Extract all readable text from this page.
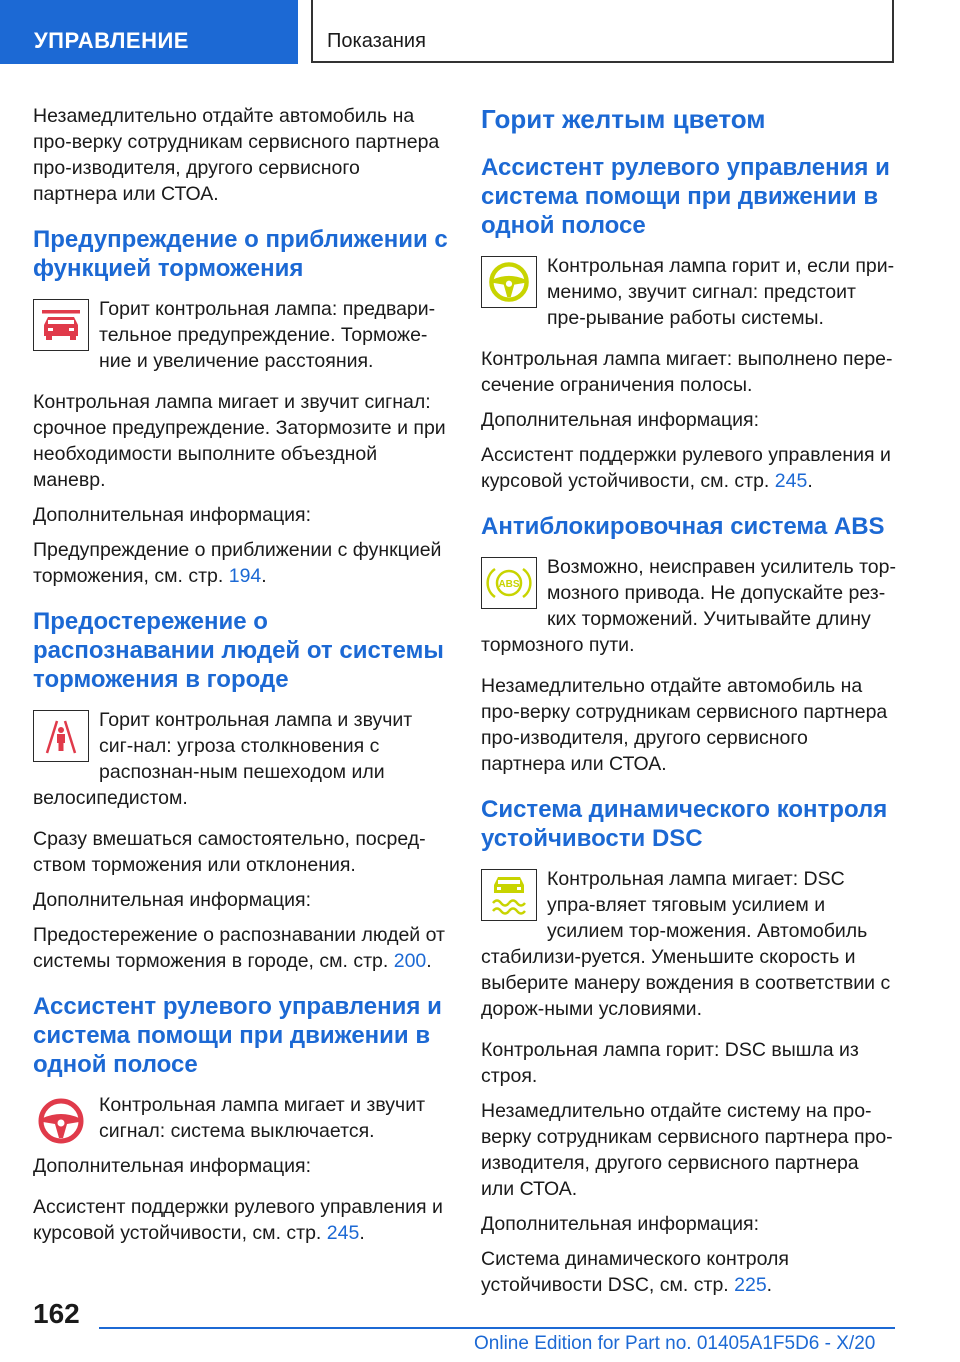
УПРАВЛЕНИЕ	Показания

Незамедлительно отдайте автомобиль на про-верку сотрудникам сервисного партнера про-изводителя, другого сервисного партнера или СТОА.

Предупреждение о приближении с функцией торможения

Горит контрольная лампа: предвари-тельное предупреждение. Торможе-ние и увеличение расстояния.

Контрольная лампа мигает и звучит сигнал: срочное предупреждение. Затормозите и при необходимости выполните объездной маневр.

Дополнительная информация:

Предупреждение о приближении с функцией торможения, см. стр. 194.

Предостережение о распознавании людей от системы торможения в городе

Горит контрольная лампа и звучит сиг-нал: угроза столкновения с распознан-ным пешеходом или велосипедистом.

Сразу вмешаться самостоятельно, посред-ством торможения или отклонения.

Дополнительная информация:

Предостережение о распознавании людей от системы торможения в городе, см. стр. 200.

Ассистент рулевого управления и система помощи при движении в одной полосе

Контрольная лампа мигает и звучит сигнал: система выключается.

Дополнительная информация:

Ассистент поддержки рулевого управления и курсовой устойчивости, см. стр. 245.

Горит желтым цветом
Ассистент рулевого управления и система помощи при движении в одной полосе

Контрольная лампа горит и, если при-менимо, звучит сигнал: предстоит пре-рывание работы системы.

Контрольная лампа мигает: выполнено пере-сечение ограничения полосы.

Дополнительная информация:

Ассистент поддержки рулевого управления и курсовой устойчивости, см. стр. 245.

Антиблокировочная система ABS
ABS

Возможно, неисправен усилитель тор-мозного привода. Не допускайте рез-ких торможений. Учитывайте длину тормозного пути.

Незамедлительно отдайте автомобиль на про-верку сотрудникам сервисного партнера про-изводителя, другого сервисного партнера или СТОА.

Система динамического контроля устойчивости DSC

Контрольная лампа мигает: DSC упра-вляет тяговым усилием и усилием тор-можения. Автомобиль стабилизи-руется. Уменьшите скорость и выберите манеру вождения в соответствии с дорож-ными условиями.

Контрольная лампа горит: DSC вышла из строя.

Незамедлительно отдайте систему на про-верку сотрудникам сервисного партнера про-изводителя, другого сервисного партнера или СТОА.

Дополнительная информация:

Система динамического контроля устойчивости DSC, см. стр. 225.

162
Online Edition for Part no. 01405A1F5D6 - X/20
